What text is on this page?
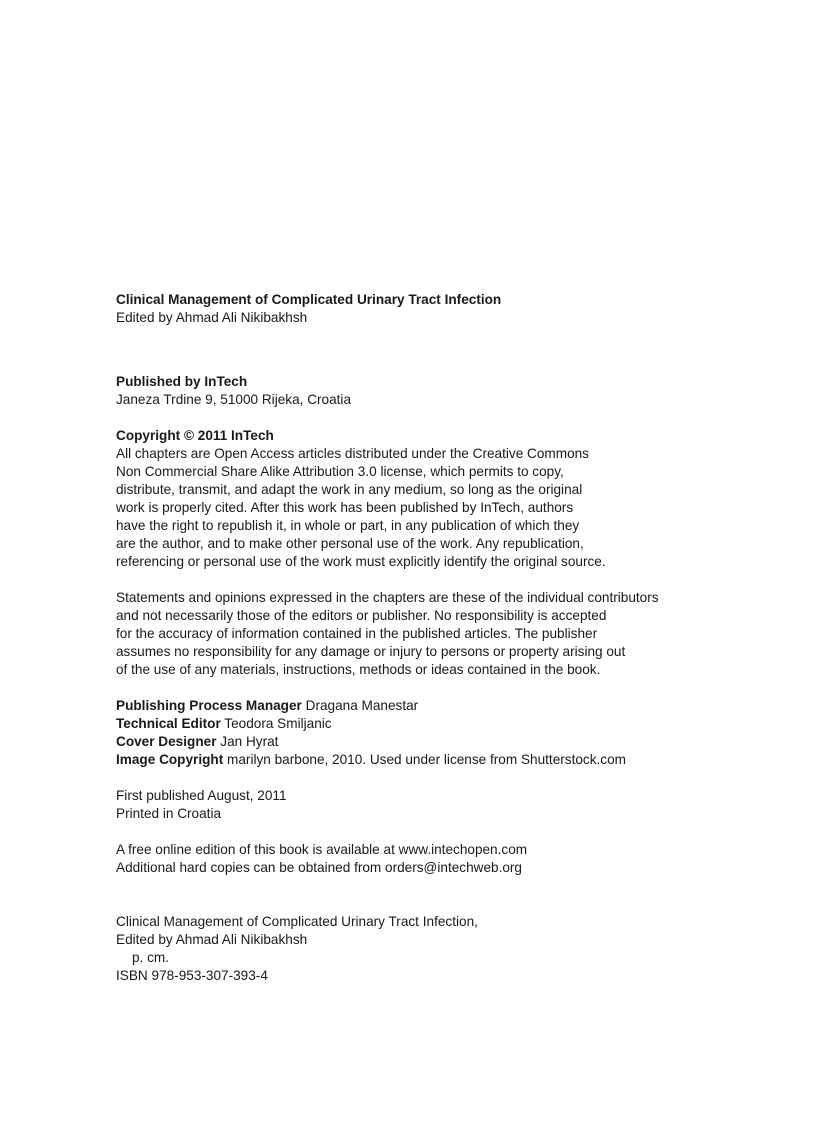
Clinical Management of Complicated Urinary Tract Infection
Edited by Ahmad Ali Nikibakhsh
Published by InTech
Janeza Trdine 9, 51000 Rijeka, Croatia
Copyright © 2011 InTech
All chapters are Open Access articles distributed under the Creative Commons
Non Commercial Share Alike Attribution 3.0 license, which permits to copy,
distribute, transmit, and adapt the work in any medium, so long as the original
work is properly cited. After this work has been published by InTech, authors
have the right to republish it, in whole or part, in any publication of which they
are the author, and to make other personal use of the work. Any republication,
referencing or personal use of the work must explicitly identify the original source.
Statements and opinions expressed in the chapters are these of the individual contributors
and not necessarily those of the editors or publisher. No responsibility is accepted
for the accuracy of information contained in the published articles. The publisher
assumes no responsibility for any damage or injury to persons or property arising out
of the use of any materials, instructions, methods or ideas contained in the book.
Publishing Process Manager Dragana Manestar
Technical Editor Teodora Smiljanic
Cover Designer Jan Hyrat
Image Copyright marilyn barbone, 2010. Used under license from Shutterstock.com
First published August, 2011
Printed in Croatia
A free online edition of this book is available at www.intechopen.com
Additional hard copies can be obtained from orders@intechweb.org
Clinical Management of Complicated Urinary Tract Infection,
Edited by Ahmad Ali Nikibakhsh
p. cm.
ISBN 978-953-307-393-4
